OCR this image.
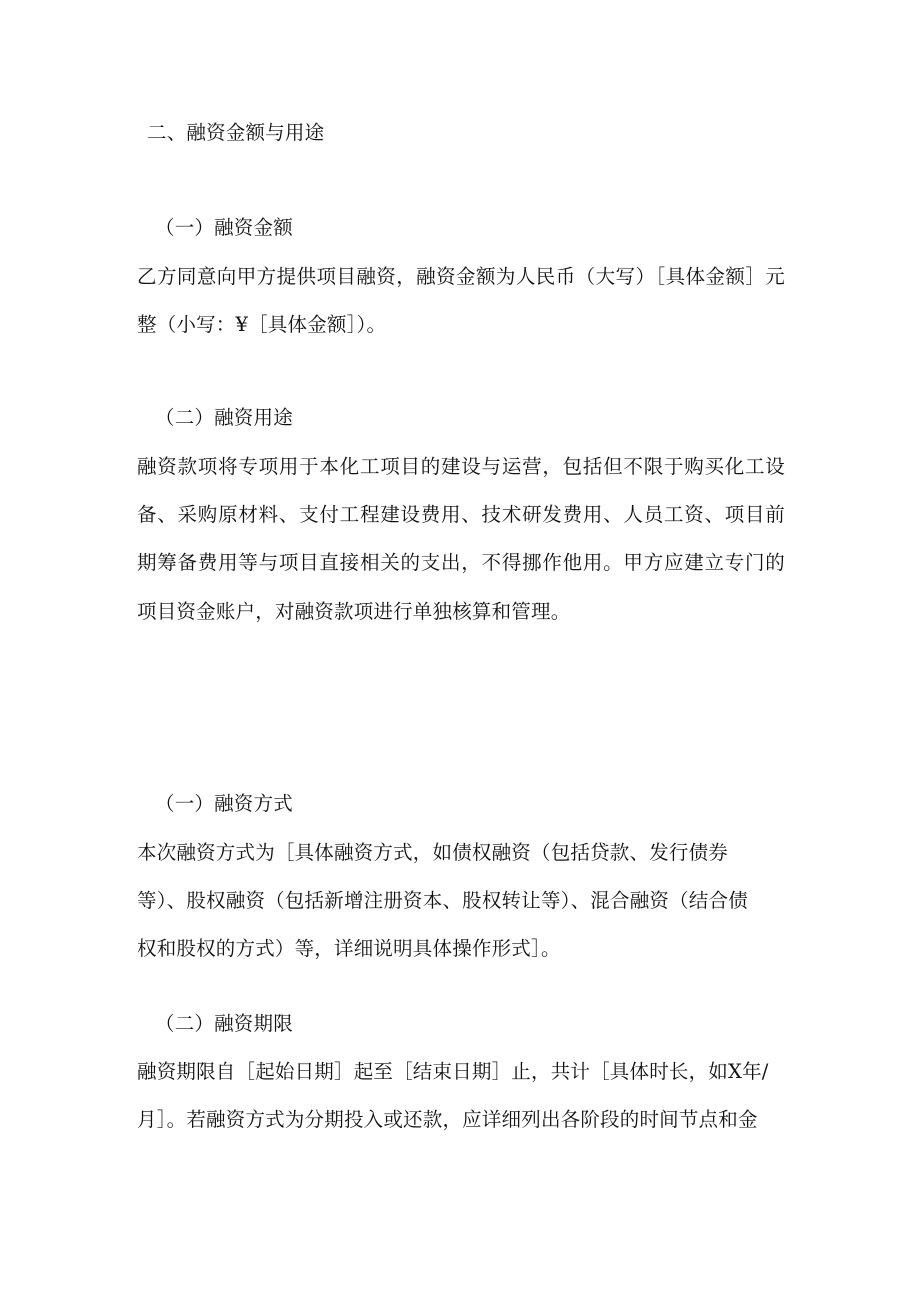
二、融资金额与用途
（一）融资金额
乙方同意向甲方提供项目融资，融资金额为人民币（大写）［具体金额］元整（小写：¥［具体金额］）。
（二）融资用途
融资款项将专项用于本化工项目的建设与运营，包括但不限于购买化工设备、采购原材料、支付工程建设费用、技术研发费用、人员工资、项目前期筹备费用等与项目直接相关的支出，不得挪作他用。甲方应建立专门的项目资金账户，对融资款项进行单独核算和管理。
（一）融资方式
本次融资方式为［具体融资方式，如债权融资（包括贷款、发行债券
等）、股权融资（包括新增注册资本、股权转让等）、混合融资（结合债
权和股权的方式）等，详细说明具体操作形式］。
（二）融资期限
融资期限自［起始日期］起至［结束日期］止，共计［具体时长，如X年/
月］。若融资方式为分期投入或还款，应详细列出各阶段的时间节点和金
